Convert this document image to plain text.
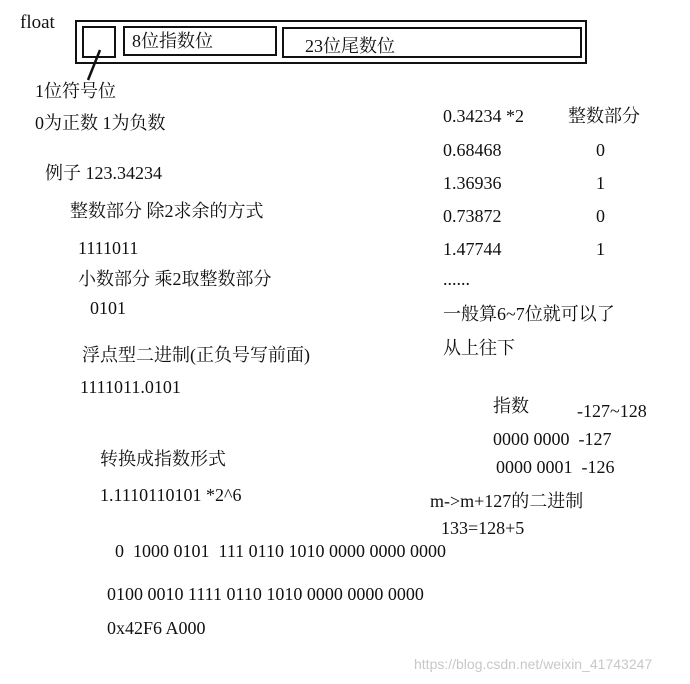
float
8位指数位	23位尾数位
1位符号位
0为正数 1为负数
例子 123.34234
整数部分 除2求余的方式
1111011
小数部分 乘2取整数部分
0101
浮点型二进制(正负号写前面)
1111011.0101
转换成指数形式
1.1110110101 *2^6
0  1000 0101  111 0110 1010 0000 0000 0000
0100 0010 1111 0110 1010 0000 0000 0000
0x42F6 A000
0.34234 *2 整数部分
0.68468	0
1.36936	1
0.73872	0
1.47744	1
......
一般算6~7位就可以了
从上往下
指数	-127~128
0000 0000  -127
0000 0001  -126
m->m+127的二进制
133=128+5
https://blog.csdn.net/weixin_41743247
